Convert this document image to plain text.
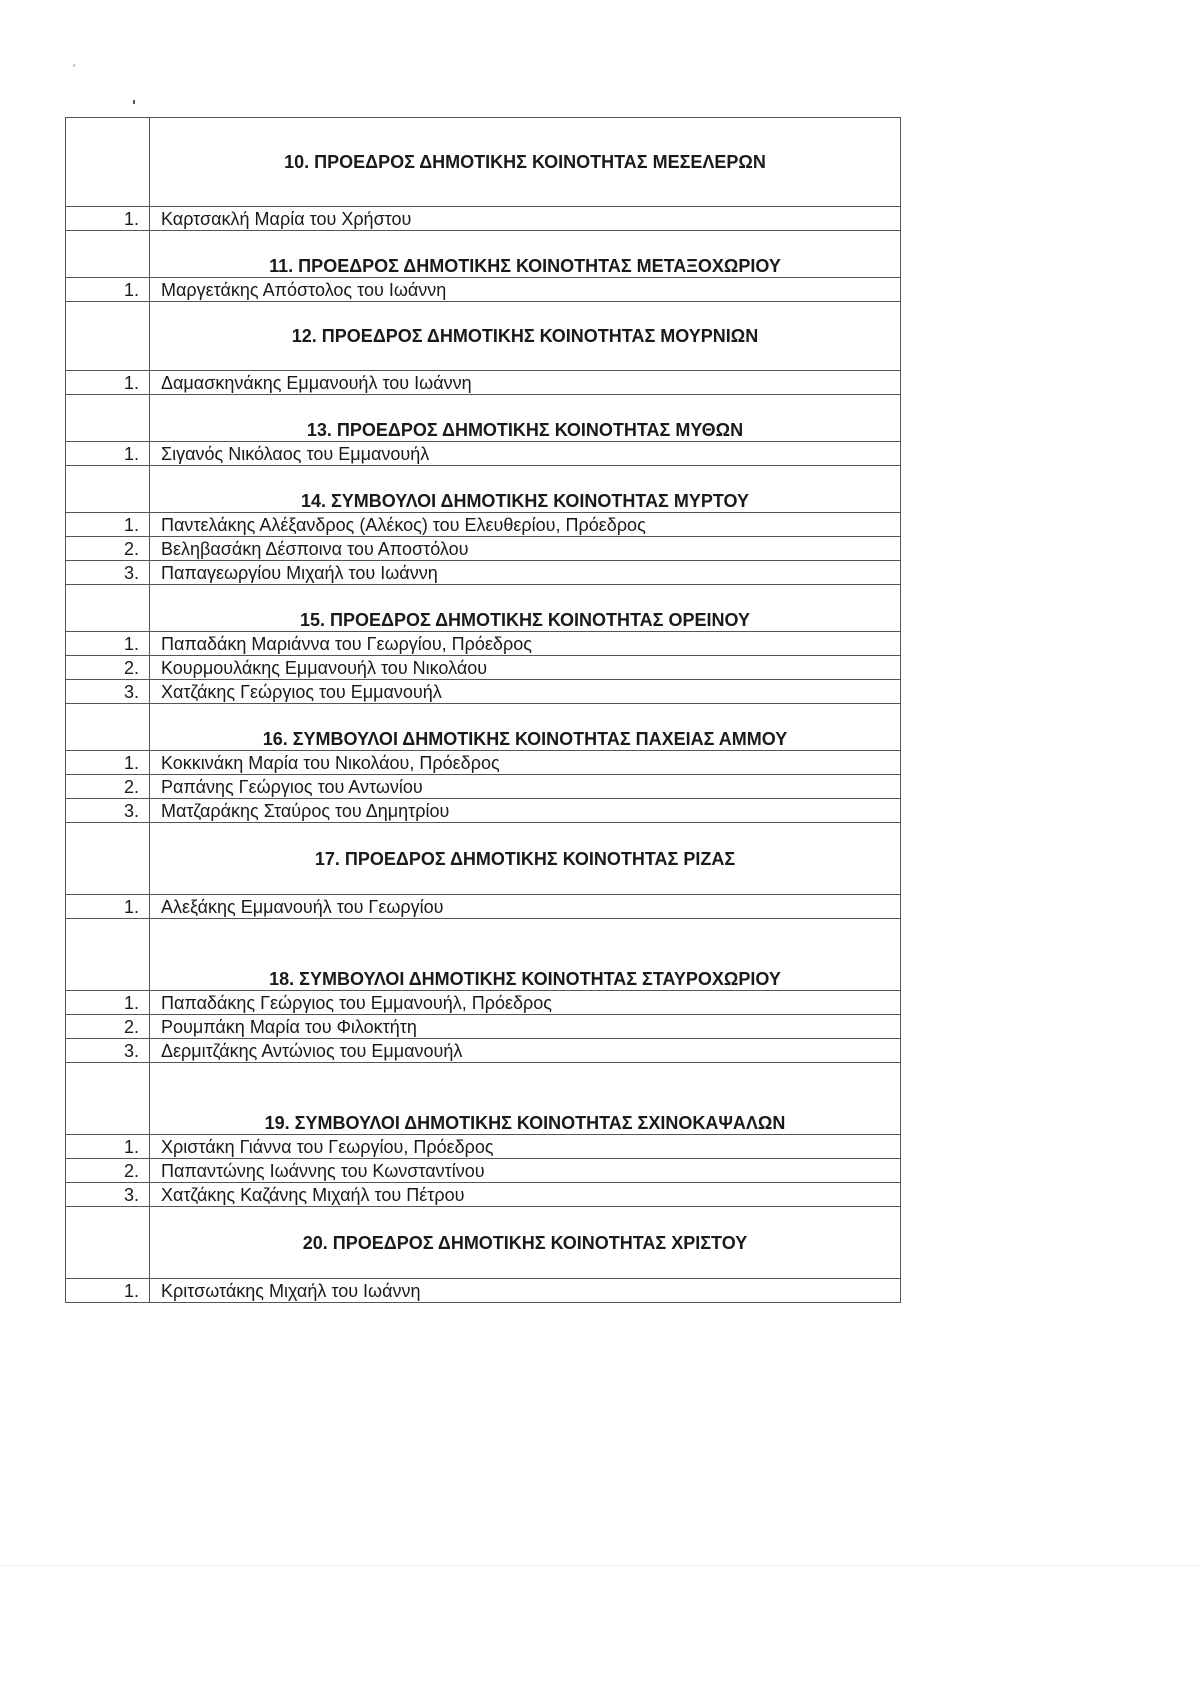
	10. ΠΡΟΕΔΡΟΣ ΔΗΜΟΤΙΚΗΣ ΚΟΙΝΟΤΗΤΑΣ ΜΕΣΕΛΕΡΩΝ
1.	Καρτσακλή Μαρία του Χρήστου
	11. ΠΡΟΕΔΡΟΣ ΔΗΜΟΤΙΚΗΣ ΚΟΙΝΟΤΗΤΑΣ ΜΕΤΑΞΟΧΩΡΙΟΥ
1.	Μαργετάκης Απόστολος του Ιωάννη
	12. ΠΡΟΕΔΡΟΣ ΔΗΜΟΤΙΚΗΣ ΚΟΙΝΟΤΗΤΑΣ ΜΟΥΡΝΙΩΝ
1.	Δαμασκηνάκης Εμμανουήλ του Ιωάννη
	13. ΠΡΟΕΔΡΟΣ ΔΗΜΟΤΙΚΗΣ ΚΟΙΝΟΤΗΤΑΣ ΜΥΘΩΝ
1.	Σιγανός Νικόλαος του Εμμανουήλ
	14. ΣΥΜΒΟΥΛΟΙ ΔΗΜΟΤΙΚΗΣ ΚΟΙΝΟΤΗΤΑΣ ΜΥΡΤΟΥ
1.	Παντελάκης Αλέξανδρος (Αλέκος) του Ελευθερίου, Πρόεδρος
2.	Βεληβασάκη Δέσποινα του Αποστόλου
3.	Παπαγεωργίου Μιχαήλ του Ιωάννη
	15. ΠΡΟΕΔΡΟΣ ΔΗΜΟΤΙΚΗΣ ΚΟΙΝΟΤΗΤΑΣ ΟΡΕΙΝΟΥ
1.	Παπαδάκη Μαριάννα του Γεωργίου, Πρόεδρος
2.	Κουρμουλάκης Εμμανουήλ του Νικολάου
3.	Χατζάκης Γεώργιος του Εμμανουήλ
	16. ΣΥΜΒΟΥΛΟΙ ΔΗΜΟΤΙΚΗΣ ΚΟΙΝΟΤΗΤΑΣ ΠΑΧΕΙΑΣ ΑΜΜΟΥ
1.	Κοκκινάκη Μαρία του Νικολάου, Πρόεδρος
2.	Ραπάνης Γεώργιος του Αντωνίου
3.	Ματζαράκης Σταύρος του Δημητρίου
	17. ΠΡΟΕΔΡΟΣ ΔΗΜΟΤΙΚΗΣ ΚΟΙΝΟΤΗΤΑΣ ΡΙΖΑΣ
1.	Αλεξάκης Εμμανουήλ του Γεωργίου
	18. ΣΥΜΒΟΥΛΟΙ ΔΗΜΟΤΙΚΗΣ ΚΟΙΝΟΤΗΤΑΣ ΣΤΑΥΡΟΧΩΡΙΟΥ
1.	Παπαδάκης Γεώργιος του Εμμανουήλ, Πρόεδρος
2.	Ρουμπάκη Μαρία του Φιλοκτήτη
3.	Δερμιτζάκης Αντώνιος του Εμμανουήλ
	19. ΣΥΜΒΟΥΛΟΙ ΔΗΜΟΤΙΚΗΣ ΚΟΙΝΟΤΗΤΑΣ ΣΧΙΝΟΚΑΨΑΛΩΝ
1.	Χριστάκη Γιάννα του Γεωργίου, Πρόεδρος
2.	Παπαντώνης Ιωάννης του Κωνσταντίνου
3.	Χατζάκης Καζάνης Μιχαήλ του Πέτρου
	20. ΠΡΟΕΔΡΟΣ ΔΗΜΟΤΙΚΗΣ ΚΟΙΝΟΤΗΤΑΣ ΧΡΙΣΤΟΥ
1.	Κριτσωτάκης Μιχαήλ του Ιωάννη
